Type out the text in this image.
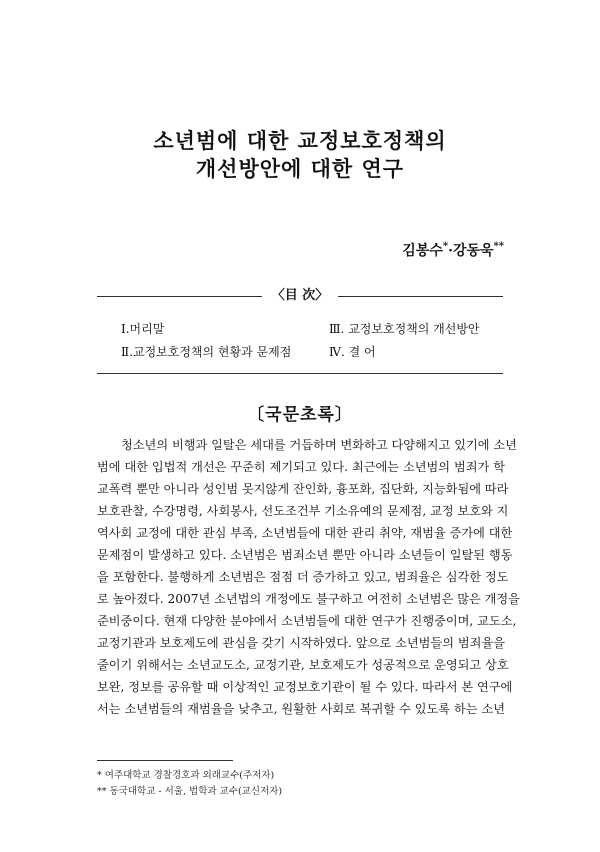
소년범에 대한 교정보호정책의
개선방안에 대한 연구
김봉수*·강동욱**
〈目 次〉
Ⅰ.머리말
Ⅱ.교정보호정책의 현황과 문제점
Ⅲ. 교정보호정책의 개선방안
Ⅳ. 결 어
〔국문초록〕
청소년의 비행과 일탈은 세대를 거듭하며 변화하고 다양해지고 있기에 소년
범에 대한 입법적 개선은 꾸준히 제기되고 있다. 최근에는 소년범의 범죄가 학
교폭력 뿐만 아니라 성인범 못지않게 잔인화, 흉포화, 집단화, 지능화됨에 따라
보호관찰, 수강명령, 사회봉사, 선도조건부 기소유예의 문제점, 교정 보호와 지
역사회 교정에 대한 관심 부족, 소년범들에 대한 관리 취약, 재범율 증가에 대한
문제점이 발생하고 있다. 소년범은 범죄소년 뿐만 아니라 소년들이 일탈된 행동
을 포함한다. 불행하게 소년범은 점점 더 증가하고 있고, 범죄율은 심각한 정도
로 높아졌다. 2007년 소년법의 개정에도 불구하고 여전히 소년범은 많은 개정을
준비중이다. 현재 다양한 분야에서 소년범들에 대한 연구가 진행중이며, 교도소,
교정기관과 보호제도에 관심을 갖기 시작하였다. 앞으로 소년범들의 범죄율을
줄이기 위해서는 소년교도소, 교정기관, 보호제도가 성공적으로 운영되고 상호
보완, 정보를 공유할 때 이상적인 교정보호기관이 될 수 있다. 따라서 본 연구에
서는 소년범들의 재범율을 낮추고, 원활한 사회로 복귀할 수 있도록 하는 소년
* 여주대학교 경찰경호과 외래교수(주저자)
** 동국대학교 - 서울, 법학과 교수(교신저자)
